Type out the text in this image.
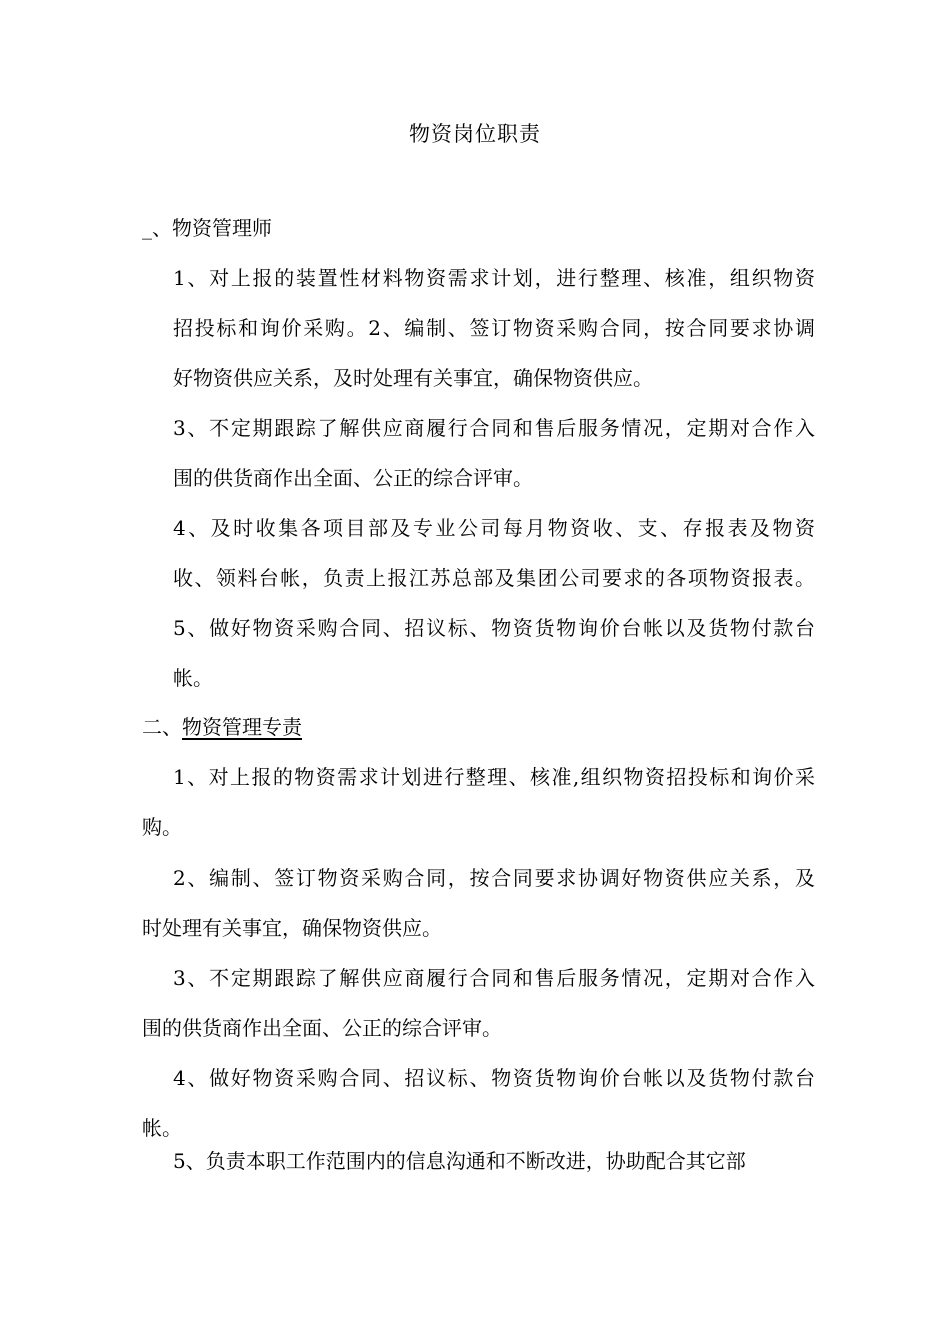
物资岗位职责
_、物资管理师
1、对上报的装置性材料物资需求计划，进行整理、核准，组织物资
招投标和询价采购。2、编制、签订物资采购合同，按合同要求协调
好物资供应关系，及时处理有关事宜，确保物资供应。
3、不定期跟踪了解供应商履行合同和售后服务情况，定期对合作入
围的供货商作出全面、公正的综合评审。
4、及时收集各项目部及专业公司每月物资收、支、存报表及物资
收、领料台帐，负责上报江苏总部及集团公司要求的各项物资报表。
5、做好物资采购合同、招议标、物资货物询价台帐以及货物付款台
帐。
二、物资管理专责
1、对上报的物资需求计划进行整理、核准,组织物资招投标和询价采
购。
2、编制、签订物资采购合同，按合同要求协调好物资供应关系，及
时处理有关事宜，确保物资供应。
3、不定期跟踪了解供应商履行合同和售后服务情况，定期对合作入
围的供货商作出全面、公正的综合评审。
4、做好物资采购合同、招议标、物资货物询价台帐以及货物付款台
帐。
5、负责本职工作范围内的信息沟通和不断改进，协助配合其它部
